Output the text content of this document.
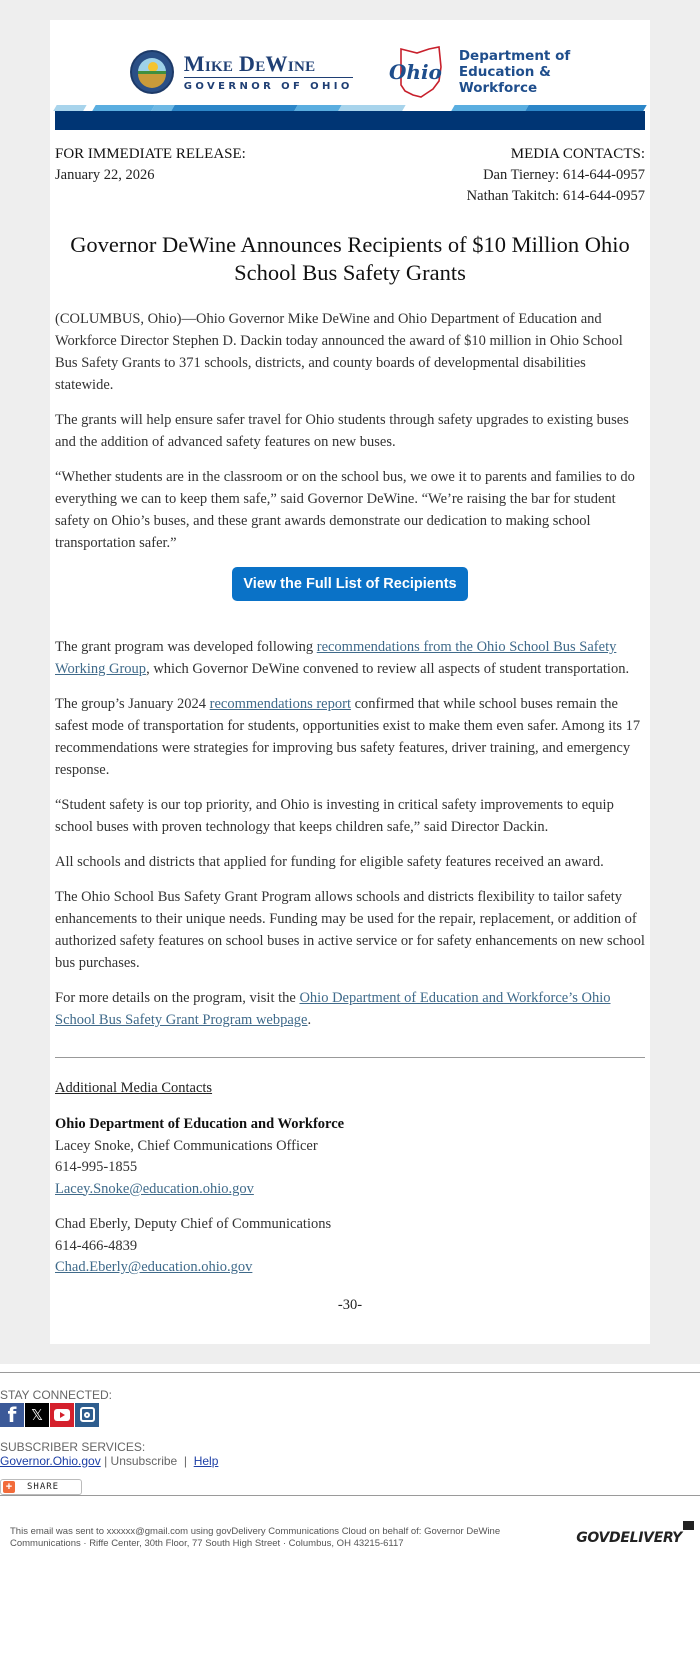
Mike DeWine
GOVERNOR OF OHIO
Ohio
Department of
Education &
Workforce
FOR IMMEDIATE RELEASE:
January 22, 2026
MEDIA CONTACTS:
Dan Tierney: 614-644-0957
Nathan Takitch: 614-644-0957
Governor DeWine Announces Recipients of $10 Million Ohio School Bus Safety Grants

(COLUMBUS, Ohio)—Ohio Governor Mike DeWine and Ohio Department of Education and Workforce Director Stephen D. Dackin today announced the award of $10 million in Ohio School Bus Safety Grants to 371 schools, districts, and county boards of developmental disabilities statewide.

The grants will help ensure safer travel for Ohio students through safety upgrades to existing buses and the addition of advanced safety features on new buses.

“Whether students are in the classroom or on the school bus, we owe it to parents and families to do everything we can to keep them safe,” said Governor DeWine. “We’re raising the bar for student safety on Ohio’s buses, and these grant awards demonstrate our dedication to making school transportation safer.”

View the Full List of Recipients

The grant program was developed following recommendations from the Ohio School Bus Safety Working Group, which Governor DeWine convened to review all aspects of student transportation.

The group’s January 2024 recommendations report confirmed that while school buses remain the safest mode of transportation for students, opportunities exist to make them even safer. Among its 17 recommendations were strategies for improving bus safety features, driver training, and emergency response.

“Student safety is our top priority, and Ohio is investing in critical safety improvements to equip school buses with proven technology that keeps children safe,” said Director Dackin.

All schools and districts that applied for funding for eligible safety features received an award.

The Ohio School Bus Safety Grant Program allows schools and districts flexibility to tailor safety enhancements to their unique needs. Funding may be used for the repair, replacement, or addition of authorized safety features on school buses in active service or for safety enhancements on new school bus purchases.

For more details on the program, visit the Ohio Department of Education and Workforce’s Ohio School Bus Safety Grant Program webpage.

Additional Media Contacts
Ohio Department of Education and Workforce
Lacey Snoke, Chief Communications Officer
614-995-1855
Lacey.Snoke@education.ohio.gov
Chad Eberly, Deputy Chief of Communications
614-466-4839
Chad.Eberly@education.ohio.gov
-30-
STAY CONNECTED:
f 𝕏
SUBSCRIBER SERVICES:
Governor.Ohio.gov | Unsubscribe  |  Help
+	SHARE
This email was sent to xxxxxx@gmail.com using govDelivery Communications Cloud on behalf of: Governor DeWine Communications · Riffe Center, 30th Floor, 77 South High Street · Columbus, OH 43215-6117	GOVDELIVERY
